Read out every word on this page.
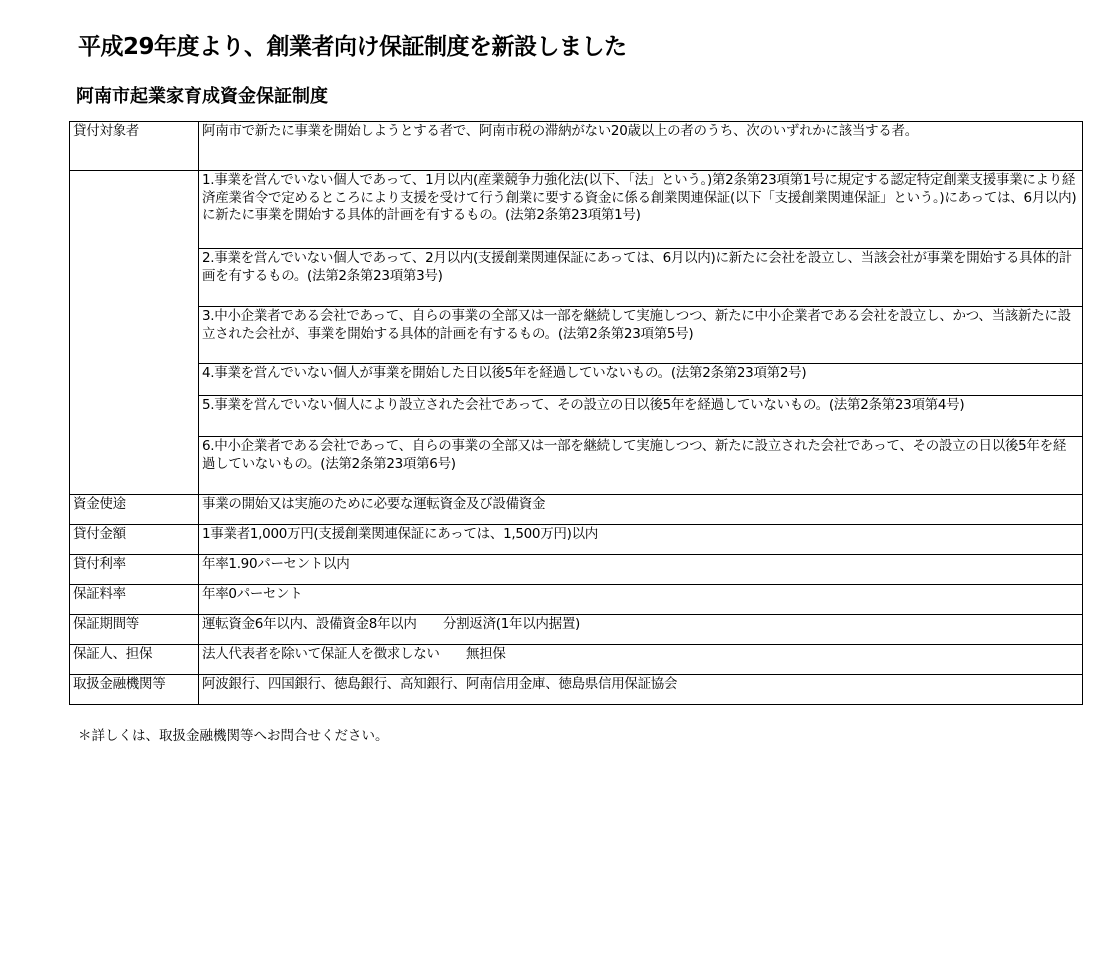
平成29年度より、創業者向け保証制度を新設しました
阿南市起業家育成資金保証制度
貸付対象者	阿南市で新たに事業を開始しようとする者で、阿南市税の滞納がない20歳以上の者のうち、次のいずれかに該当する者。
	1.事業を営んでいない個人であって、1月以内(産業競争力強化法(以下、「法」という。)第2条第23項第1号に規定する認定特定創業支援事業により経済産業省令で定めるところにより支援を受けて行う創業に要する資金に係る創業関連保証(以下「支援創業関連保証」という。)にあっては、6月以内)に新たに事業を開始する具体的計画を有するもの。(法第2条第23項第1号)
	2.事業を営んでいない個人であって、2月以内(支援創業関連保証にあっては、6月以内)に新たに会社を設立し、当該会社が事業を開始する具体的計画を有するもの。(法第2条第23項第3号)
	3.中小企業者である会社であって、自らの事業の全部又は一部を継続して実施しつつ、新たに中小企業者である会社を設立し、かつ、当該新たに設立された会社が、事業を開始する具体的計画を有するもの。(法第2条第23項第5号)
	4.事業を営んでいない個人が事業を開始した日以後5年を経過していないもの。(法第2条第23項第2号)
	5.事業を営んでいない個人により設立された会社であって、その設立の日以後5年を経過していないもの。(法第2条第23項第4号)
	6.中小企業者である会社であって、自らの事業の全部又は一部を継続して実施しつつ、新たに設立された会社であって、その設立の日以後5年を経過していないもの。(法第2条第23項第6号)
資金使途	事業の開始又は実施のために必要な運転資金及び設備資金
貸付金額	1事業者1,000万円(支援創業関連保証にあっては、1,500万円)以内
貸付利率	年率1.90パーセント以内
保証料率	年率0パーセント
保証期間等	運転資金6年以内、設備資金8年以内　　分割返済(1年以内据置)
保証人、担保	法人代表者を除いて保証人を徴求しない　　無担保
取扱金融機関等	阿波銀行、四国銀行、徳島銀行、高知銀行、阿南信用金庫、徳島県信用保証協会

＊詳しくは、取扱金融機関等へお問合せください。
